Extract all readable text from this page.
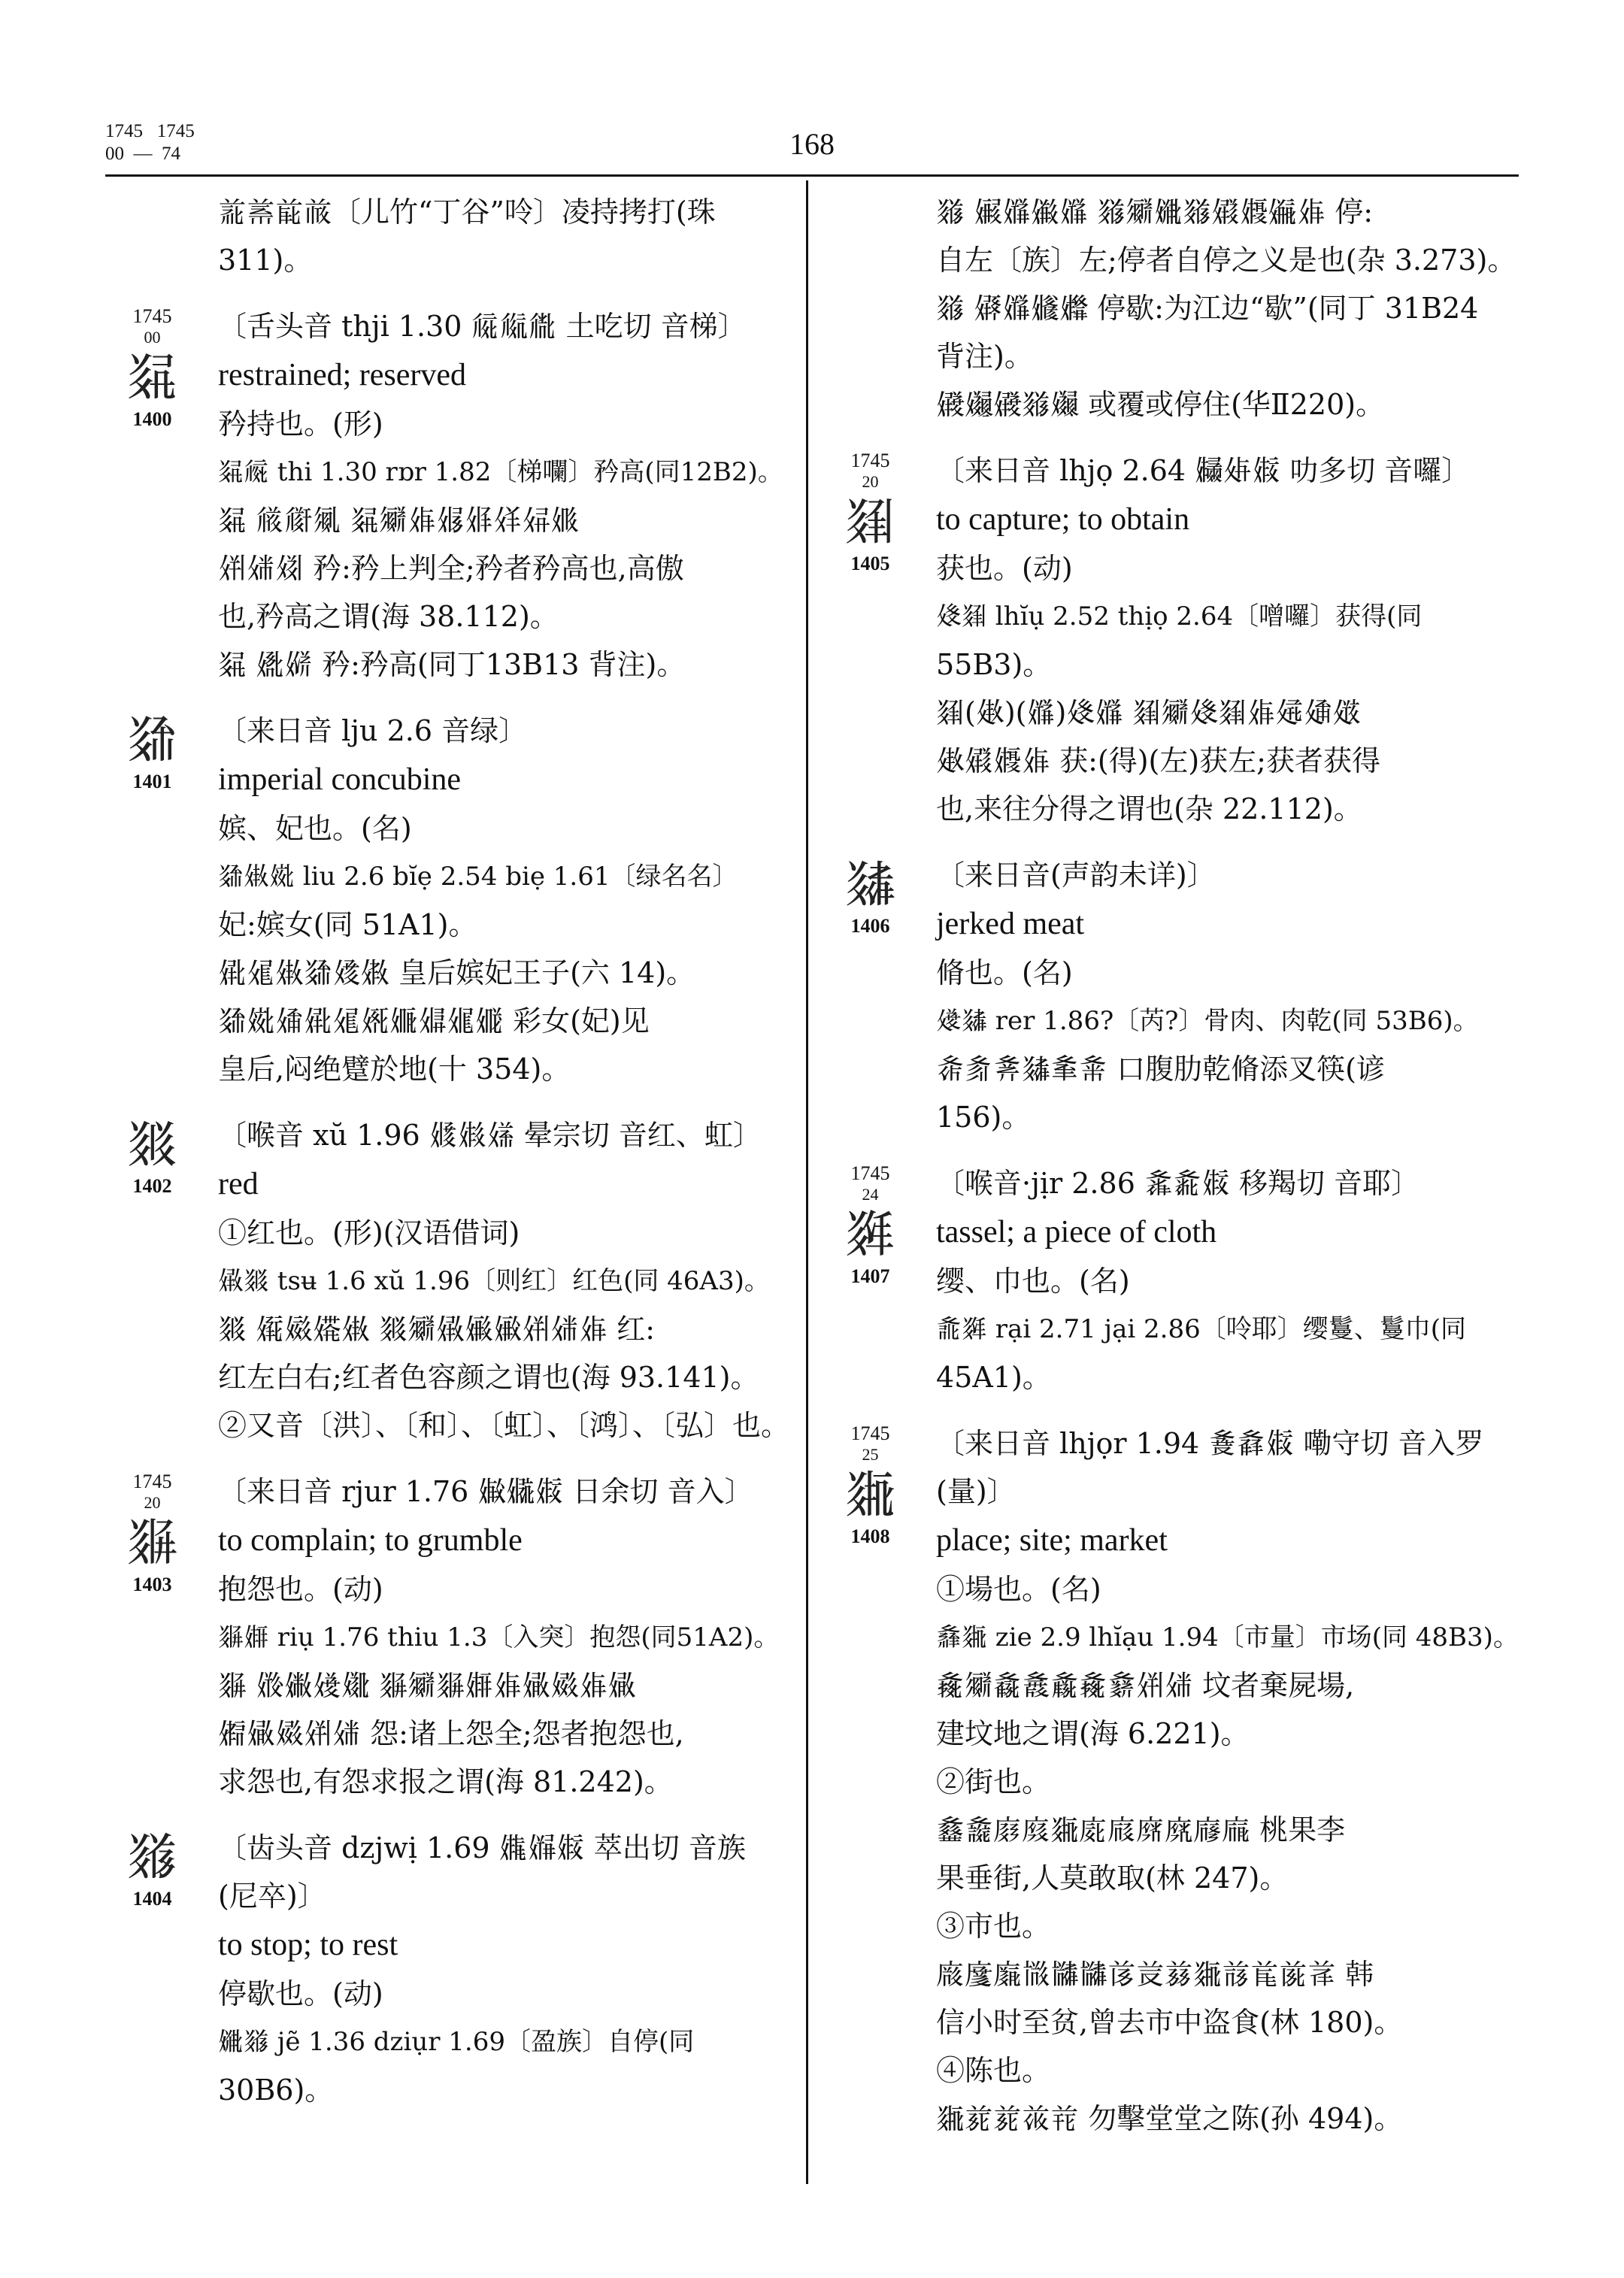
1745   1745
00  —  74	168
𗑃𗑄𗑅𗑆〔儿竹“丁谷”呤〕凌持拷打(珠
311)。
1745
00
𘂱
1400
〔舌头音 thji 1.30 𗏁𗏂𗏃 土吃切 音梯〕
restrained; reserved
矜持也。(形)
𘂱𗏄 thi 1.30 rɒr 1.82〔梯㘓〕矜高(同12B2)。
𘂱 𗏅𗏆𗏇 𘂱𗏈𗏉𗏊𗏋𗏌𗏍𗏎
𗏏𗏐𗏑 矜:矜上判全;矜者矜高也,高傲
也,矜高之谓(海 38.112)。
𘂱 𗏒𗏓 矜:矜高(同丁13B13 背注)。
𘂲
1401
〔来日音 lju 2.6 音绿〕
imperial concubine
嫔、妃也。(名)
𘂲𗏔𗏕 liu 2.6 bĭẹ 2.54 biẹ 1.61〔绿名名〕
妃:嫔女(同 51A1)。
𗏖𗏗𗏔𘂲𗏘𗏙 皇后嫔妃王子(六 14)。
𘂲𗏕𗏚𗏖𗏗𗏛𗏜𗏝𗏞𗏟 彩女(妃)见
皇后,闷绝躄於地(十 354)。
𘂳
1402
〔喉音 xŭ 1.96 𗏠𗏡𗏢 晕宗切 音红、虹〕
red
①红也。(形)(汉语借词)
𗏣𘂳 tsʉ 1.6 xŭ 1.96〔则红〕红色(同 46A3)。
𘂳 𗏤𗏥𗏦𗏔 𘂳𗏈𗏣𗏧𗏨𗏏𗏐𗏉 红:
红左白右;红者色容颜之谓也(海 93.141)。
②又音〔洪〕、〔和〕、〔虹〕、〔鸿〕、〔弘〕也。
1745
20
𘂴
1403
〔来日音 rjur 1.76 𗏩𗏪𗏫 日余切 音入〕
to complain; to grumble
抱怨也。(动)
𘂴𗏬 riụ 1.76 thiu 1.3〔入突〕抱怨(同51A2)。
𘂴 𗏭𗏮𗏯𗏰 𘂴𗏈𘂴𗏬𗏉𗏱𗏲𗏉𗏱
𗏳𗏱𗏲𗏏𗏐 怨:诸上怨全;怨者抱怨也,
求怨也,有怨求报之谓(海 81.242)。
𘂵
1404
〔齿头音 dzjwị 1.69 𗏴𗏵𗏫 萃出切 音族
(尼卒)〕
to stop; to rest
停歇也。(动)
𗏶𘂵 jẽ 1.36 dziụr 1.69〔盈族〕自停(同
30B6)。
𘂵 𗏷𗏸𗏹𗏸 𘂵𗏈𗏶𘂵𗏺𗏻𗏼𗏉 停:
自左〔族〕左;停者自停之义是也(杂 3.273)。
𘂵 𗏽𗏸𗏾𗏿 停歇:为江边“歇”(同丁 31B24
背注)。
𗐀𗐁𗐀𘂵𗐂 或覆或停住(华Ⅱ220)。
1745
20
𘂶
1405
〔来日音 lhjọ 2.64 𗐃𗐄𗏫 叻多切 音囉〕
to capture; to obtain
获也。(动)
𗐅𘂶 lhĭụ 2.52 thịọ 2.64〔噌囉〕获得(同
55B3)。
𘂶(𗐆)(𗏸)𗐅𗏸 𘂶𗏈𗐅𘂶𗏉𗐇𗐈𗐉
𗐆𗏺𗏻𗏉 获:(得)(左)获左;获者获得
也,来往分得之谓也(杂 22.112)。
𘂷
1406
〔来日音(声韵未详)〕
jerked meat
脩也。(名)
𗐊𘂷 rer 1.86?〔芮?〕骨肉、肉乾(同 53B6)。
𗐋𗐌𗐍𘂷𗐎𗐏 口腹肋乾脩添叉筷(谚
156)。
1745
24
𘂸
1407
〔喉音·jịr 2.86 𗐐𗐑𗏫 移羯切 音耶〕
tassel; a piece of cloth
缨、巾也。(名)
𗐒𘂸 rại 2.71 jại 2.86〔呤耶〕缨鬘、鬘巾(同
45A1)。
1745
25
𘂹
1408
〔来日音 lhjọr 1.94 𗐓𗐔𗏫 嘞守切 音入罗
(量)〕
place; site; market
①場也。(名)
𗐕𘂹 zie 2.9 lhĭạu 1.94〔市量〕市场(同 48B3)。
𗐖𗏈𗐗𗐘𗐙𗐖𗐚𗏏𗏐 坟者棄屍場,
建坟地之谓(海 6.221)。
②街也。
𗐛𗐜𗐝𗐞𘂹𗐟𗐠𗐡𗐢𗐣𗐤 桃果李
果垂街,人莫敢取(林 247)。
③市也。
𗐥𗐦𗐧𗐨𗐩𗐩𗐪𗐫𗐬𘂹𗐭𗐮𗐯𗐰 韩
信小时至贫,曾去市中盗食(林 180)。
④陈也。
𘂹𗐱𗐱𗐲𗐳 勿擊堂堂之陈(孙 494)。
